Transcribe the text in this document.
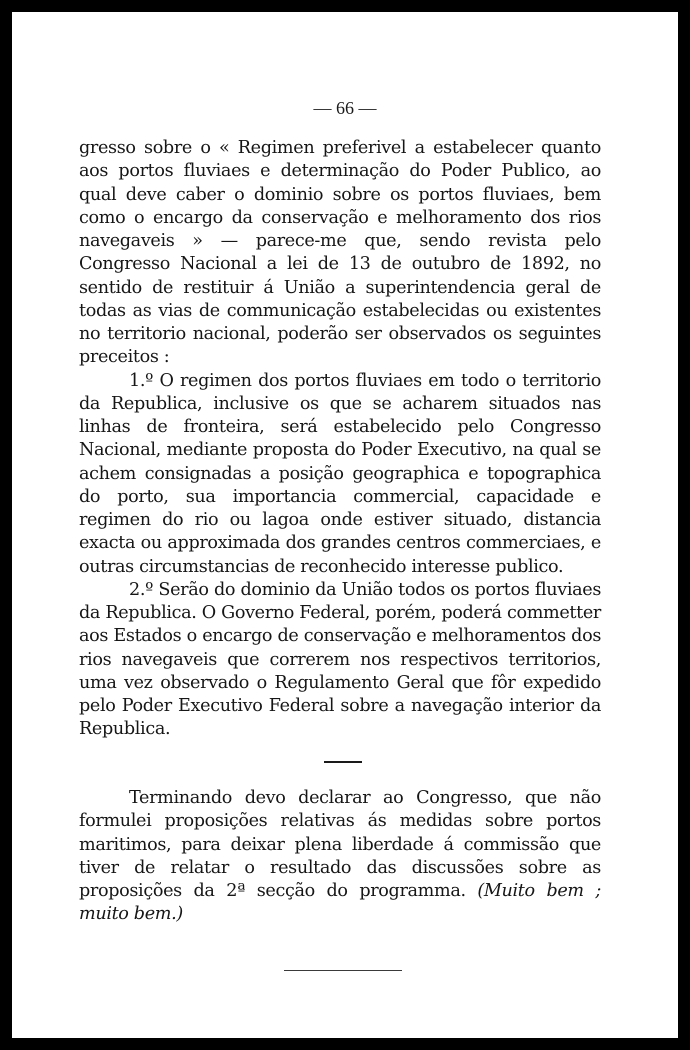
— 66 —

gresso sobre o « Regimen preferivel a estabelecer quanto aos portos fluviaes e determinação do Poder Publico, ao qual deve caber o dominio sobre os portos fluviaes, bem como o encargo da conservação e melhoramento dos rios navegaveis » — parece-me que, sendo revista pelo Congresso Nacional a lei de 13 de outubro de 1892, no sentido de restituir á União a superintendencia geral de todas as vias de communicação estabelecidas ou existentes no territorio nacional, poderão ser observados os seguintes preceitos :

1.º O regimen dos portos fluviaes em todo o territorio da Republica, inclusive os que se acharem situados nas linhas de fronteira, será estabelecido pelo Congresso Nacional, mediante proposta do Poder Executivo, na qual se achem consignadas a posição geographica e topographica do porto, sua importancia commercial, capacidade e regimen do rio ou lagoa onde estiver situado, distancia exacta ou approximada dos grandes centros commerciaes, e outras circumstancias de reconhecido interesse publico.

2.º Serão do dominio da União todos os portos fluviaes da Republica. O Governo Federal, porém, poderá commetter aos Estados o encargo de conservação e melhoramentos dos rios navegaveis que correrem nos respectivos territorios, uma vez observado o Regulamento Geral que fôr expedido pelo Poder Executivo Federal sobre a navegação interior da Republica.

Terminando devo declarar ao Congresso, que não formulei proposições relativas ás medidas sobre portos maritimos, para deixar plena liberdade á commissão que tiver de relatar o resultado das discussões sobre as proposições da 2ª secção do programma. (Muito bem ; muito bem.)
